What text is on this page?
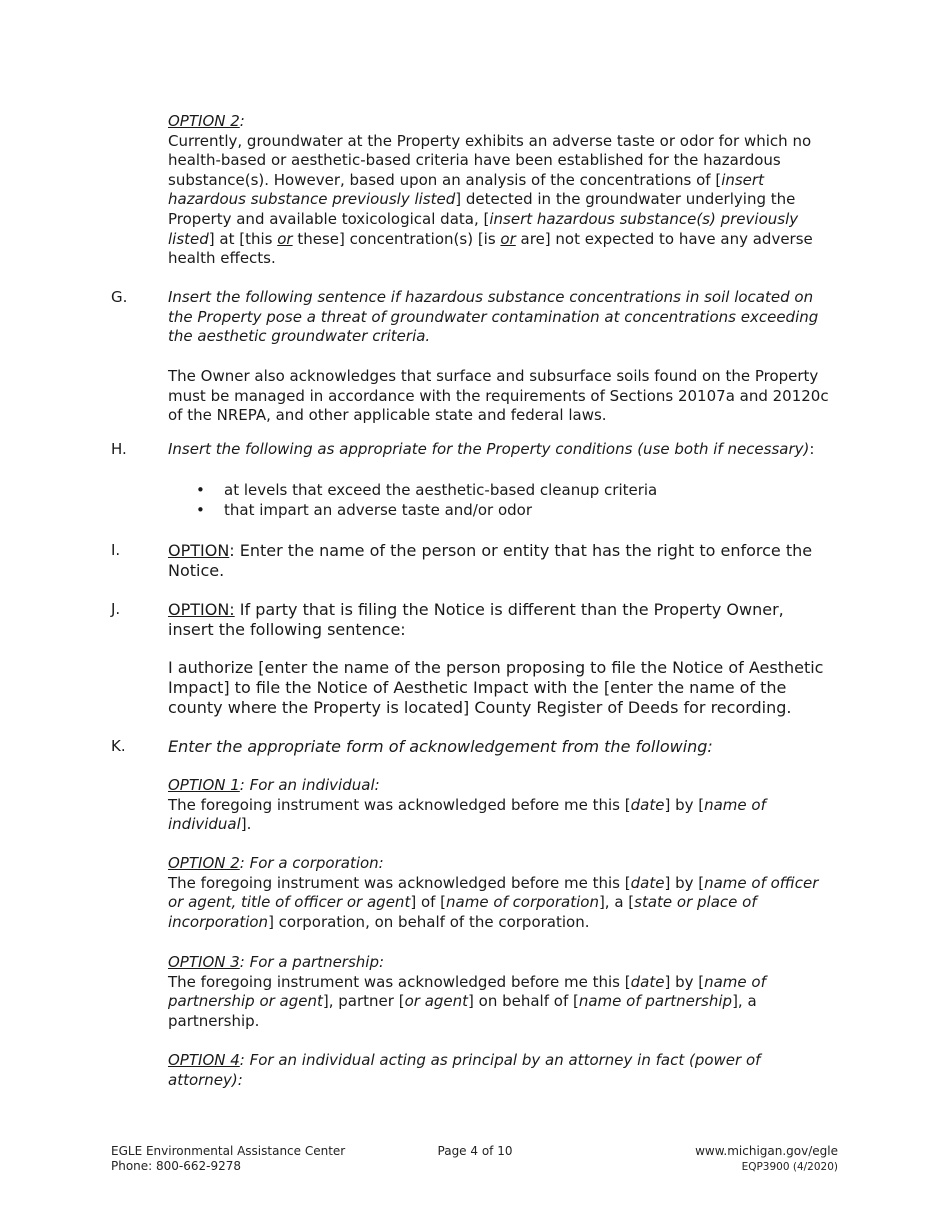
OPTION 2:
Currently, groundwater at the Property exhibits an adverse taste or odor for which no health-based or aesthetic-based criteria have been established for the hazardous substance(s). However, based upon an analysis of the concentrations of [insert hazardous substance previously listed] detected in the groundwater underlying the Property and available toxicological data, [insert hazardous substance(s) previously listed] at [this or these] concentration(s) [is or are] not expected to have any adverse health effects.

G.	Insert the following sentence if hazardous substance concentrations in soil located on the Property pose a threat of groundwater contamination at concentrations exceeding the aesthetic groundwater criteria.

The Owner also acknowledges that surface and subsurface soils found on the Property must be managed in accordance with the requirements of Sections 20107a and 20120c of the NREPA, and other applicable state and federal laws.

H.	Insert the following as appropriate for the Property conditions (use both if necessary):

• at levels that exceed the aesthetic-based cleanup criteria
• that impart an adverse taste and/or odor

I.	OPTION: Enter the name of the person or entity that has the right to enforce the Notice.

J.	OPTION: If party that is filing the Notice is different than the Property Owner, insert the following sentence:

I authorize [enter the name of the person proposing to file the Notice of Aesthetic Impact] to file the Notice of Aesthetic Impact with the [enter the name of the county where the Property is located] County Register of Deeds for recording.

K.	Enter the appropriate form of acknowledgement from the following:

OPTION 1: For an individual:
The foregoing instrument was acknowledged before me this [date] by [name of individual].

OPTION 2: For a corporation:
The foregoing instrument was acknowledged before me this [date] by [name of officer or agent, title of officer or agent] of [name of corporation], a [state or place of incorporation] corporation, on behalf of the corporation.

OPTION 3: For a partnership:
The foregoing instrument was acknowledged before me this [date] by [name of partnership or agent], partner [or agent] on behalf of [name of partnership], a partnership.

OPTION 4: For an individual acting as principal by an attorney in fact (power of attorney):

EGLE Environmental Assistance Center

Phone: 800-662-9278

Page 4 of 10	www.michigan.gov/egle

EQP3900 (4/2020)
